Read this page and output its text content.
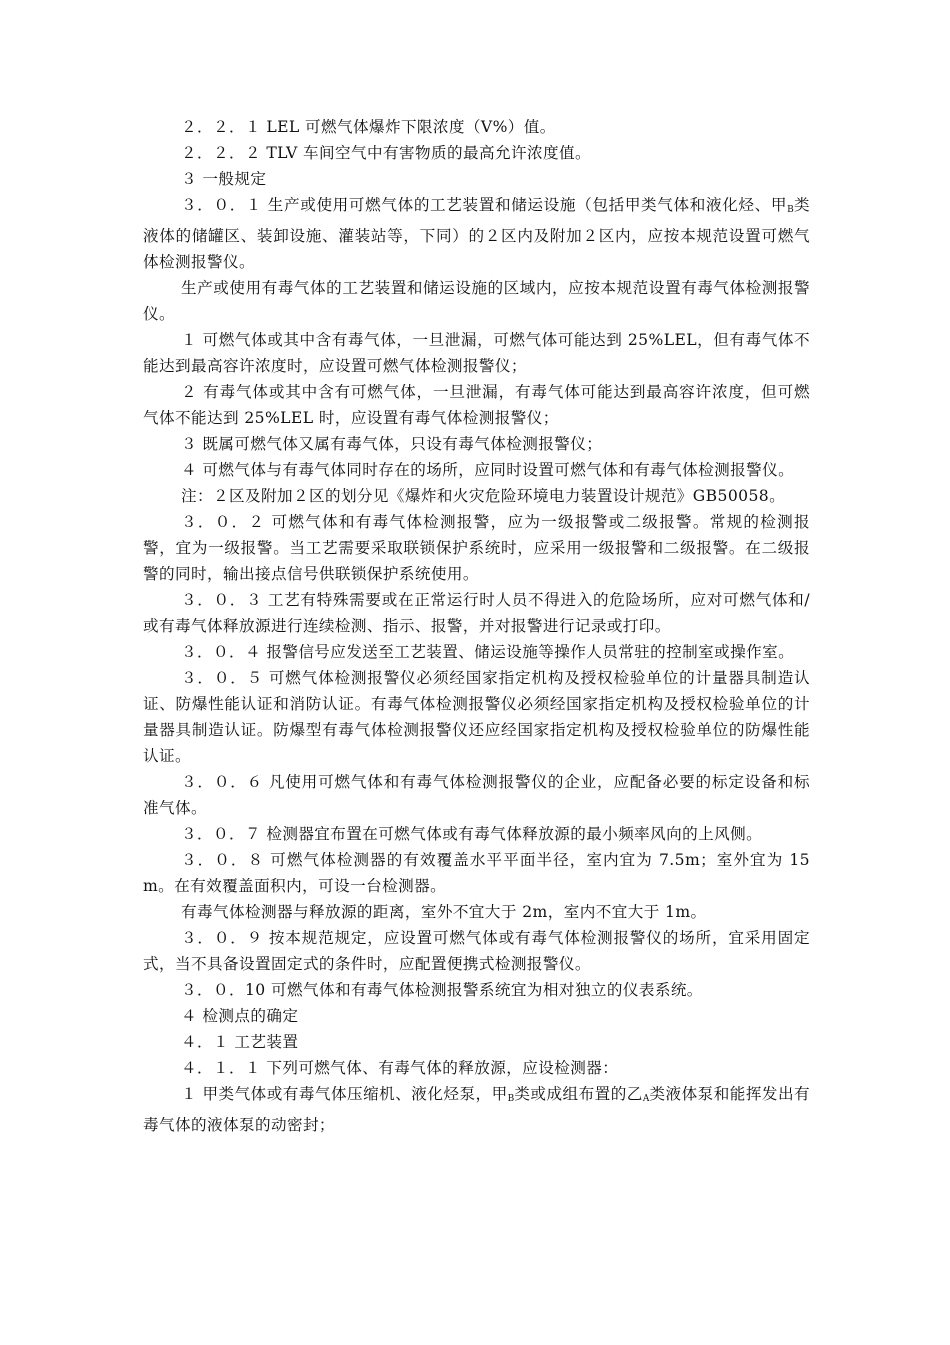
２．２．１ LEL 可燃气体爆炸下限浓度（V%）值。

２．２．２ TLV 车间空气中有害物质的最高允许浓度值。

３ 一般规定

３．０．１ 生产或使用可燃气体的工艺装置和储运设施（包括甲类气体和液化烃、甲$_B$类液体的储罐区、装卸设施、灌装站等，下同）的２区内及附加２区内，应按本规范设置可燃气体检测报警仪。

生产或使用有毒气体的工艺装置和储运设施的区域内，应按本规范设置有毒气体检测报警仪。

１ 可燃气体或其中含有毒气体，一旦泄漏，可燃气体可能达到 25%LEL，但有毒气体不能达到最高容许浓度时，应设置可燃气体检测报警仪；

２ 有毒气体或其中含有可燃气体，一旦泄漏，有毒气体可能达到最高容许浓度，但可燃气体不能达到 25%LEL 时，应设置有毒气体检测报警仪；

３ 既属可燃气体又属有毒气体，只设有毒气体检测报警仪；

４ 可燃气体与有毒气体同时存在的场所，应同时设置可燃气体和有毒气体检测报警仪。

注：２区及附加２区的划分见《爆炸和火灾危险环境电力装置设计规范》GB50058。

３．０．２ 可燃气体和有毒气体检测报警，应为一级报警或二级报警。常规的检测报警，宜为一级报警。当工艺需要采取联锁保护系统时，应采用一级报警和二级报警。在二级报警的同时，输出接点信号供联锁保护系统使用。

３．０．３ 工艺有特殊需要或在正常运行时人员不得进入的危险场所，应对可燃气体和/或有毒气体释放源进行连续检测、指示、报警，并对报警进行记录或打印。

３．０．４ 报警信号应发送至工艺装置、储运设施等操作人员常驻的控制室或操作室。

３．０．５ 可燃气体检测报警仪必须经国家指定机构及授权检验单位的计量器具制造认证、防爆性能认证和消防认证。有毒气体检测报警仪必须经国家指定机构及授权检验单位的计量器具制造认证。防爆型有毒气体检测报警仪还应经国家指定机构及授权检验单位的防爆性能认证。

３．０．６ 凡使用可燃气体和有毒气体检测报警仪的企业，应配备必要的标定设备和标准气体。

３．０．７ 检测器宜布置在可燃气体或有毒气体释放源的最小频率风向的上风侧。

３．０．８ 可燃气体检测器的有效覆盖水平平面半径，室内宜为 7.5m；室外宜为 15m。在有效覆盖面积内，可设一台检测器。

有毒气体检测器与释放源的距离，室外不宜大于 2m，室内不宜大于 1m。

３．０．９ 按本规范规定，应设置可燃气体或有毒气体检测报警仪的场所，宜采用固定式，当不具备设置固定式的条件时，应配置便携式检测报警仪。

３．０．10 可燃气体和有毒气体检测报警系统宜为相对独立的仪表系统。

４ 检测点的确定

４．１ 工艺装置

４．１．１ 下列可燃气体、有毒气体的释放源，应设检测器：

１ 甲类气体或有毒气体压缩机、液化烃泵，甲$_B$类或成组布置的乙$_A$类液体泵和能挥发出有毒气体的液体泵的动密封；
